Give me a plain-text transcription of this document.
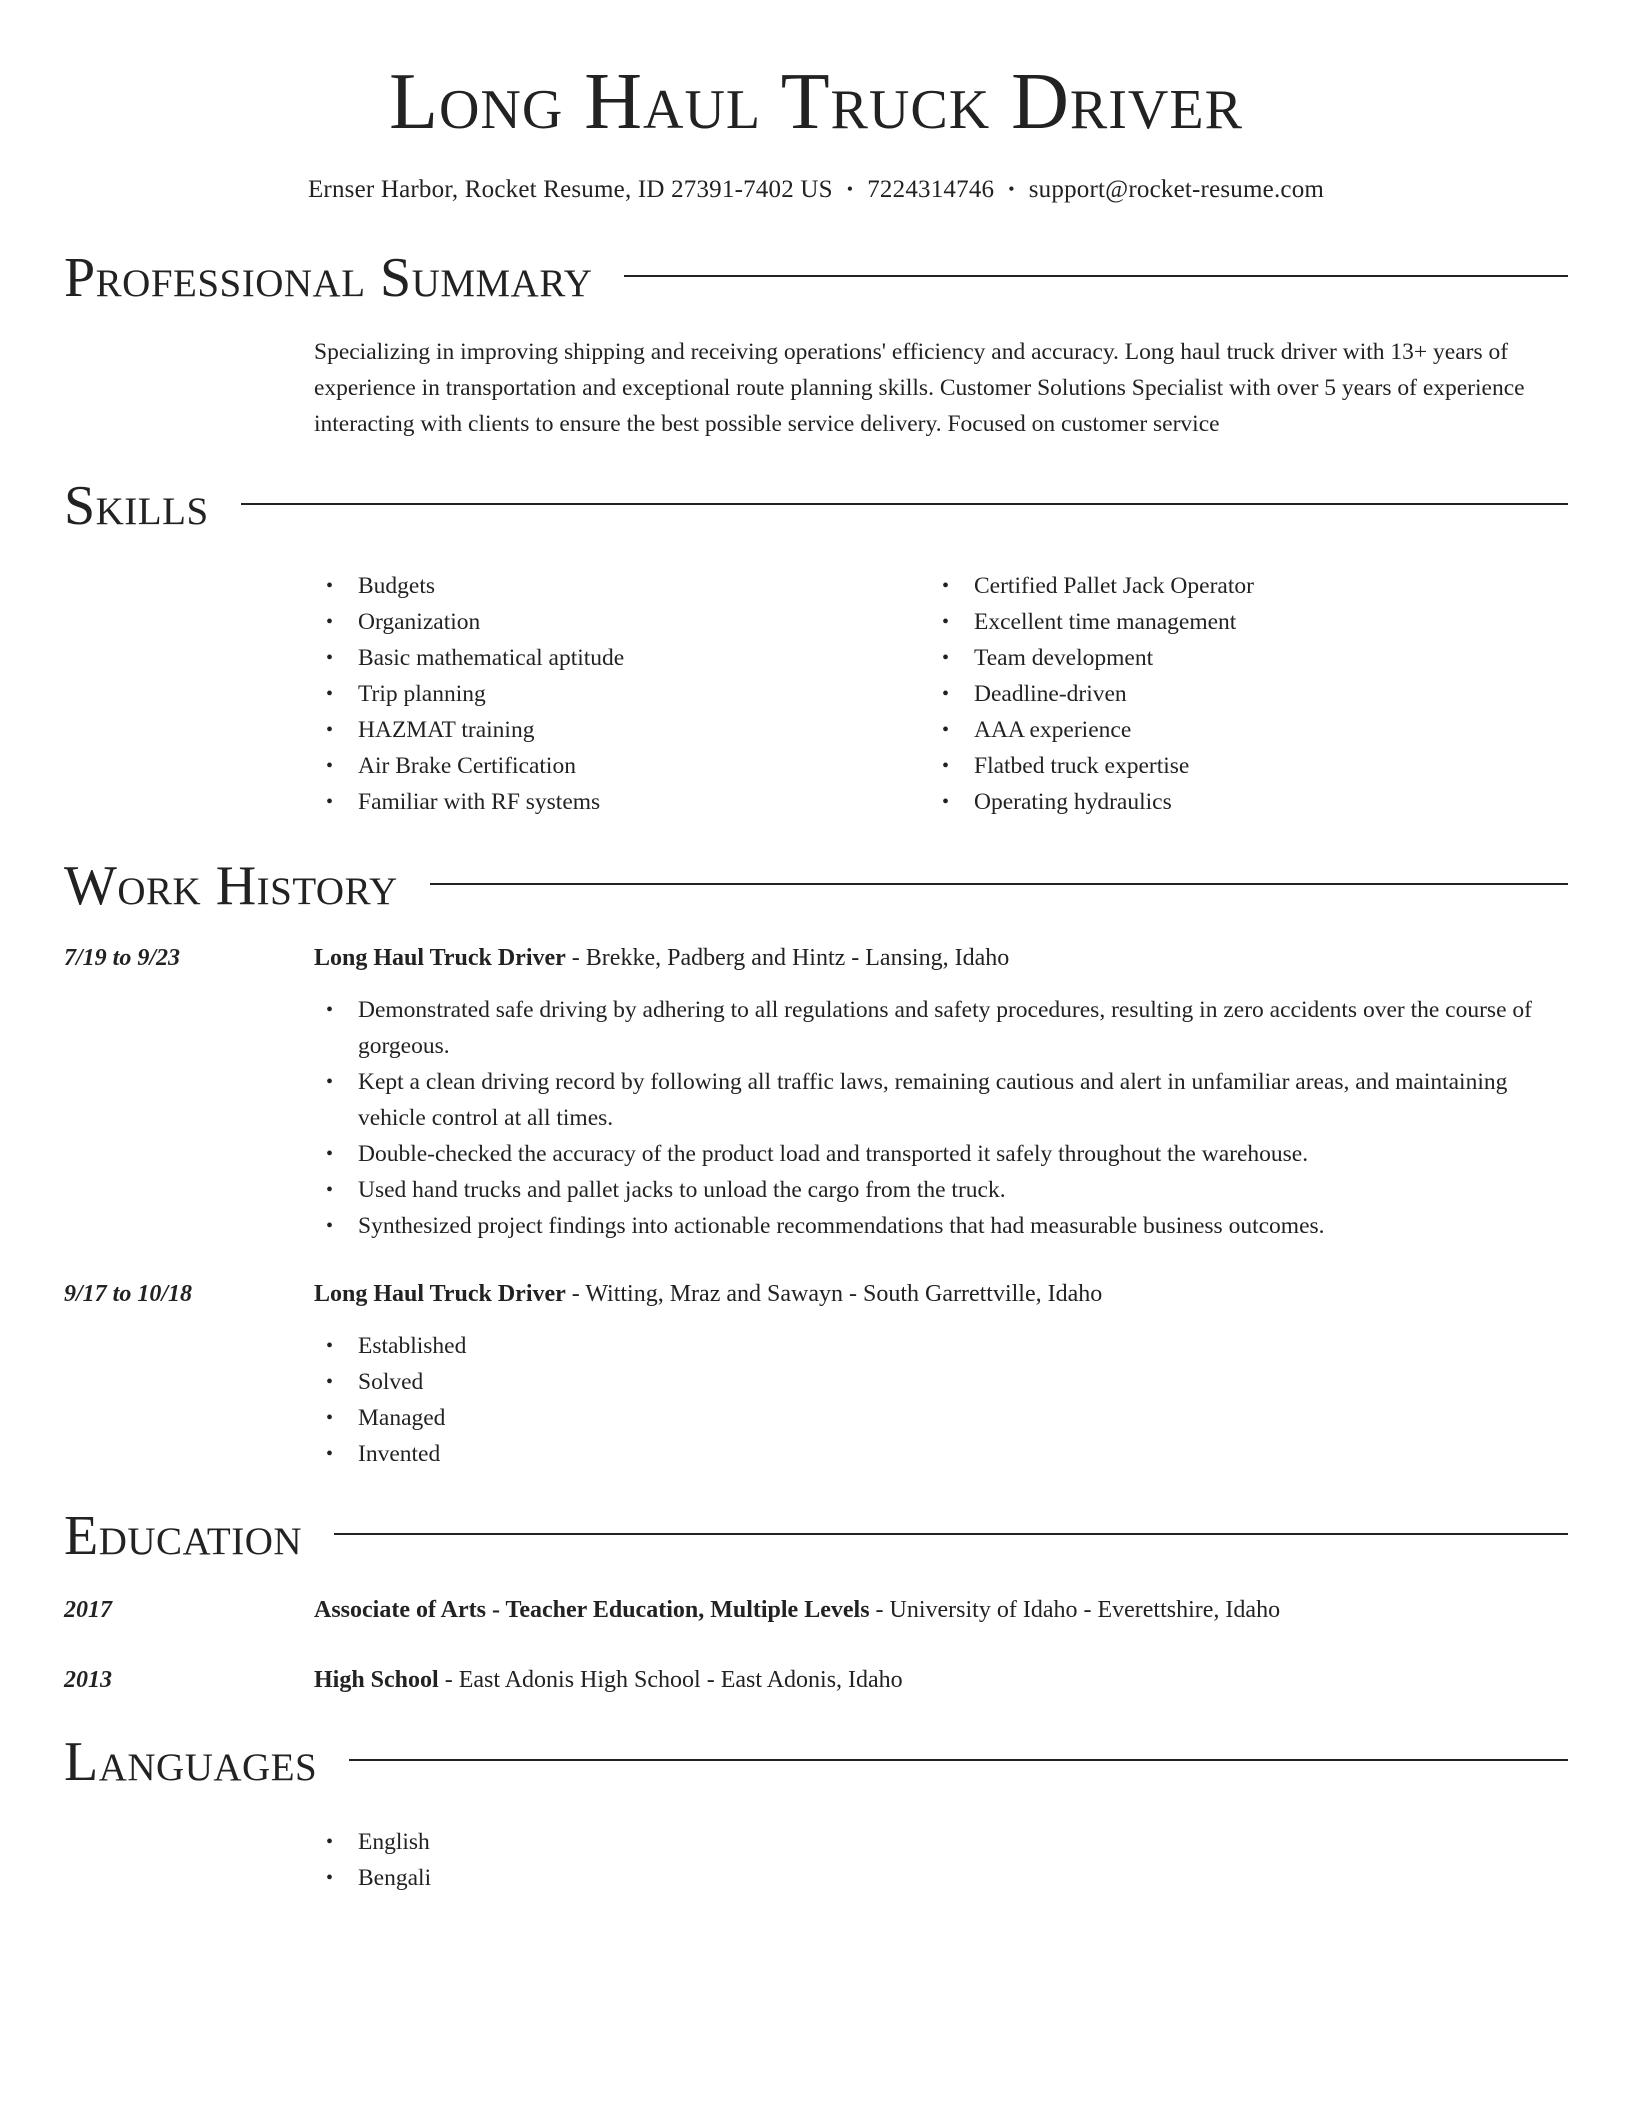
Long Haul Truck Driver
Ernser Harbor, Rocket Resume, ID 27391-7402 US • 7224314746 • support@rocket-resume.com
Professional Summary
Specializing in improving shipping and receiving operations' efficiency and accuracy. Long haul truck driver with 13+ years of experience in transportation and exceptional route planning skills. Customer Solutions Specialist with over 5 years of experience interacting with clients to ensure the best possible service delivery. Focused on customer service
Skills
• Budgets
• Organization
• Basic mathematical aptitude
• Trip planning
• HAZMAT training
• Air Brake Certification
• Familiar with RF systems
• Certified Pallet Jack Operator
• Excellent time management
• Team development
• Deadline-driven
• AAA experience
• Flatbed truck expertise
• Operating hydraulics
Work History
7/19 to 9/23	Long Haul Truck Driver - Brekke, Padberg and Hintz - Lansing, Idaho
• Demonstrated safe driving by adhering to all regulations and safety procedures, resulting in zero accidents over the course of gorgeous.
• Kept a clean driving record by following all traffic laws, remaining cautious and alert in unfamiliar areas, and maintaining vehicle control at all times.
• Double-checked the accuracy of the product load and transported it safely throughout the warehouse.
• Used hand trucks and pallet jacks to unload the cargo from the truck.
• Synthesized project findings into actionable recommendations that had measurable business outcomes.
9/17 to 10/18	Long Haul Truck Driver - Witting, Mraz and Sawayn - South Garrettville, Idaho
• Established
• Solved
• Managed
• Invented
Education
2017	Associate of Arts - Teacher Education, Multiple Levels - University of Idaho - Everettshire, Idaho
2013	High School - East Adonis High School - East Adonis, Idaho
Languages
• English
• Bengali
